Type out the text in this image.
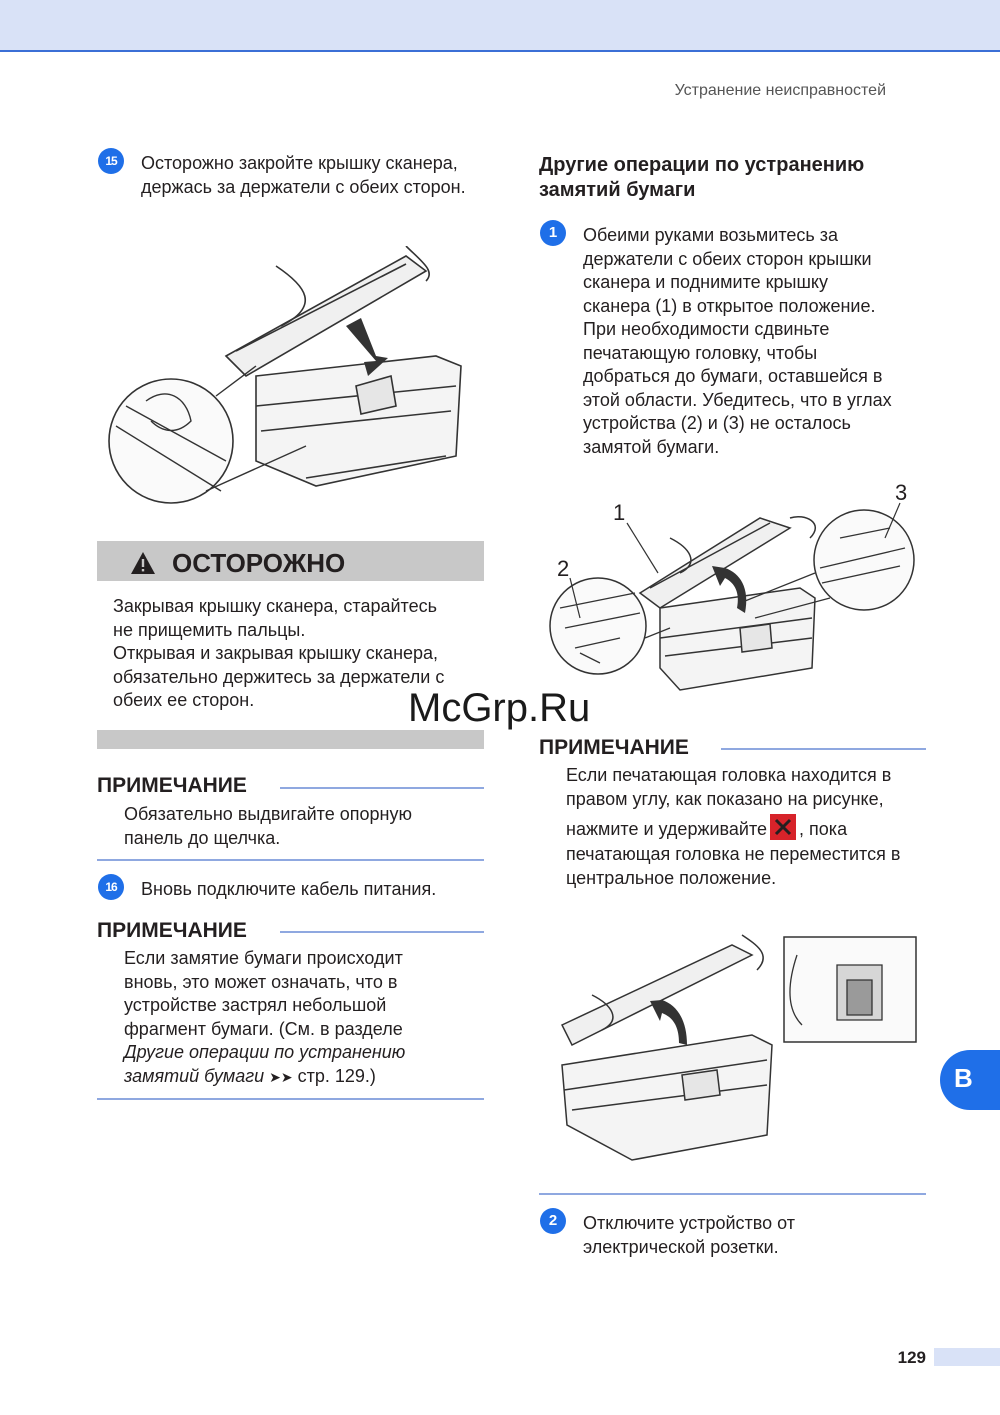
Устранение неисправностей
15	Осторожно закройте крышку сканера, держась за держатели с обеих сторон.
ОСТОРОЖНО
Закрывая крышку сканера, старайтесь
не прищемить пальцы.
Открывая и закрывая крышку сканера,
обязательно держитесь за держатели с
обеих ее сторон.
ПРИМЕЧАНИЕ
Обязательно выдвигайте опорную
панель до щелчка.
16	Вновь подключите кабель питания.
ПРИМЕЧАНИЕ
Если замятие бумаги происходит
вновь, это может означать, что в
устройстве застрял небольшой
фрагмент бумаги. (См. в разделе
Другие операции по устранению
замятий бумаги ➤➤ стр. 129.)
Другие операции по устранению
замятий бумаги
1	Обеими руками возьмитесь за
держатели с обеих сторон крышки
сканера и поднимите крышку
сканера (1) в открытое положение.
При необходимости сдвиньте
печатающую головку, чтобы
добраться до бумаги, оставшейся в
этой области. Убедитесь, что в углах
устройства (2) и (3) не осталось
замятой бумаги.
1
2
3
ПРИМЕЧАНИЕ
Если печатающая головка находится в
правом углу, как показано на рисунке,
нажмите и удерживайте , пока
печатающая головка не переместится в
центральное положение.
2	Отключите устройство от
электрической розетки.
McGrp.Ru
B
129
